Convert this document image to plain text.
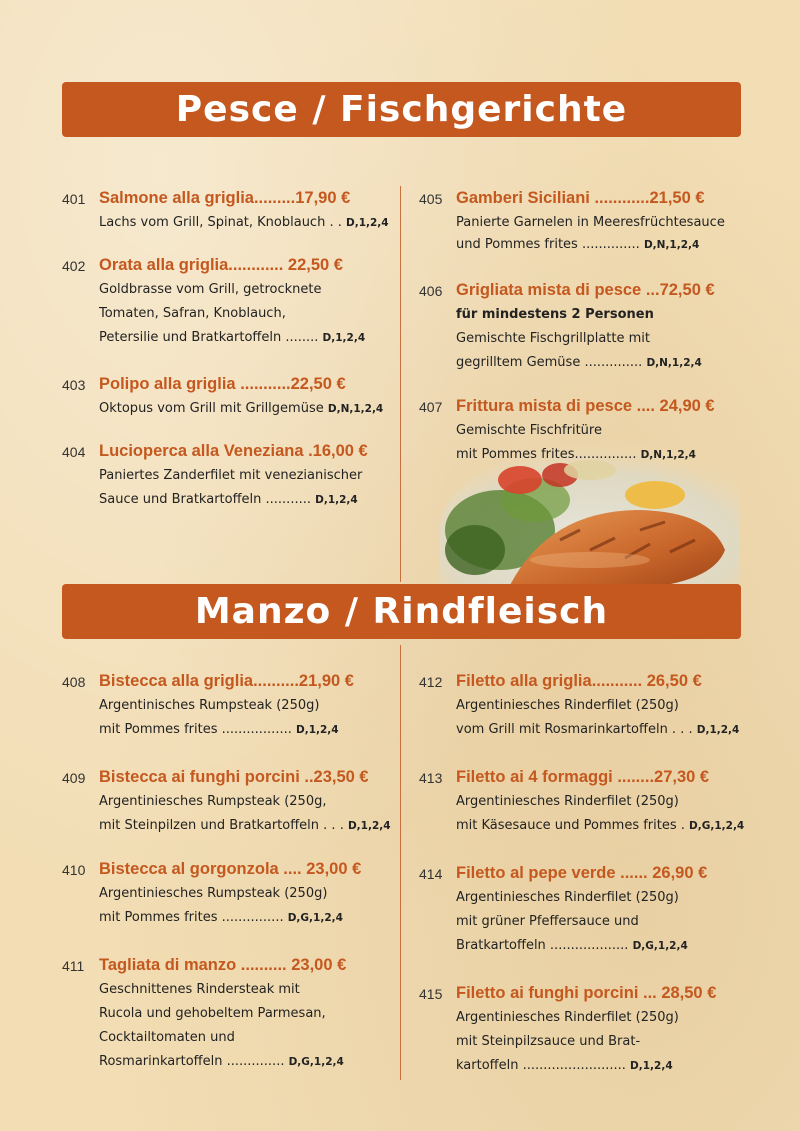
Pesce / Fischgerichte
401 Salmone alla griglia.........17,90 €
Lachs vom Grill, Spinat, Knoblauch . . D,1,2,4
402 Orata alla griglia............ 22,50 €
Goldbrasse vom Grill, getrocknete
Tomaten, Safran, Knoblauch,
Petersilie und Bratkartoffeln ........ D,1,2,4
403 Polipo alla griglia ...........22,50 €
Oktopus vom Grill mit Grillgemüse D,N,1,2,4
404 Lucioperca alla Veneziana .16,00 €
Paniertes Zanderfilet mit venezianischer
Sauce und Bratkartoffeln ........... D,1,2,4
405 Gamberi Siciliani ............21,50 €
Panierte Garnelen in Meeresfrüchtesauce
und Pommes frites .............. D,N,1,2,4
406 Grigliata mista di pesce ...72,50 €
für mindestens 2 Personen
Gemischte Fischgrillplatte mit
gegrilltem Gemüse .............. D,N,1,2,4
407 Frittura mista di pesce .... 24,90 €
Gemischte Fischfritüre
mit Pommes frites............... D,N,1,2,4
Manzo / Rindfleisch
408 Bistecca alla griglia..........21,90 €
Argentinisches Rumpsteak (250g)
mit Pommes frites ................. D,1,2,4
409 Bistecca ai funghi porcini ..23,50 €
Argentiniesches Rumpsteak (250g,
mit Steinpilzen und Bratkartoffeln . . . D,1,2,4
410 Bistecca al gorgonzola .... 23,00 €
Argentiniesches Rumpsteak (250g)
mit Pommes frites ............... D,G,1,2,4
411 Tagliata di manzo .......... 23,00 €
Geschnittenes Rindersteak mit
Rucola und gehobeltem Parmesan,
Cocktailtomaten und
Rosmarinkartoffeln .............. D,G,1,2,4
412 Filetto alla griglia........... 26,50 €
Argentiniesches Rinderfilet (250g)
vom Grill mit Rosmarinkartoffeln . . . D,1,2,4
413 Filetto ai 4 formaggi ........27,30 €
Argentiniesches Rinderfilet (250g)
mit Käsesauce und Pommes frites . D,G,1,2,4
414 Filetto al pepe verde ...... 26,90 €
Argentiniesches Rinderfilet (250g)
mit grüner Pfeffersauce und
Bratkartoffeln ................... D,G,1,2,4
415 Filetto ai funghi porcini ... 28,50 €
Argentiniesches Rinderfilet (250g)
mit Steinpilzsauce und Brat-
kartoffeln ......................... D,1,2,4
